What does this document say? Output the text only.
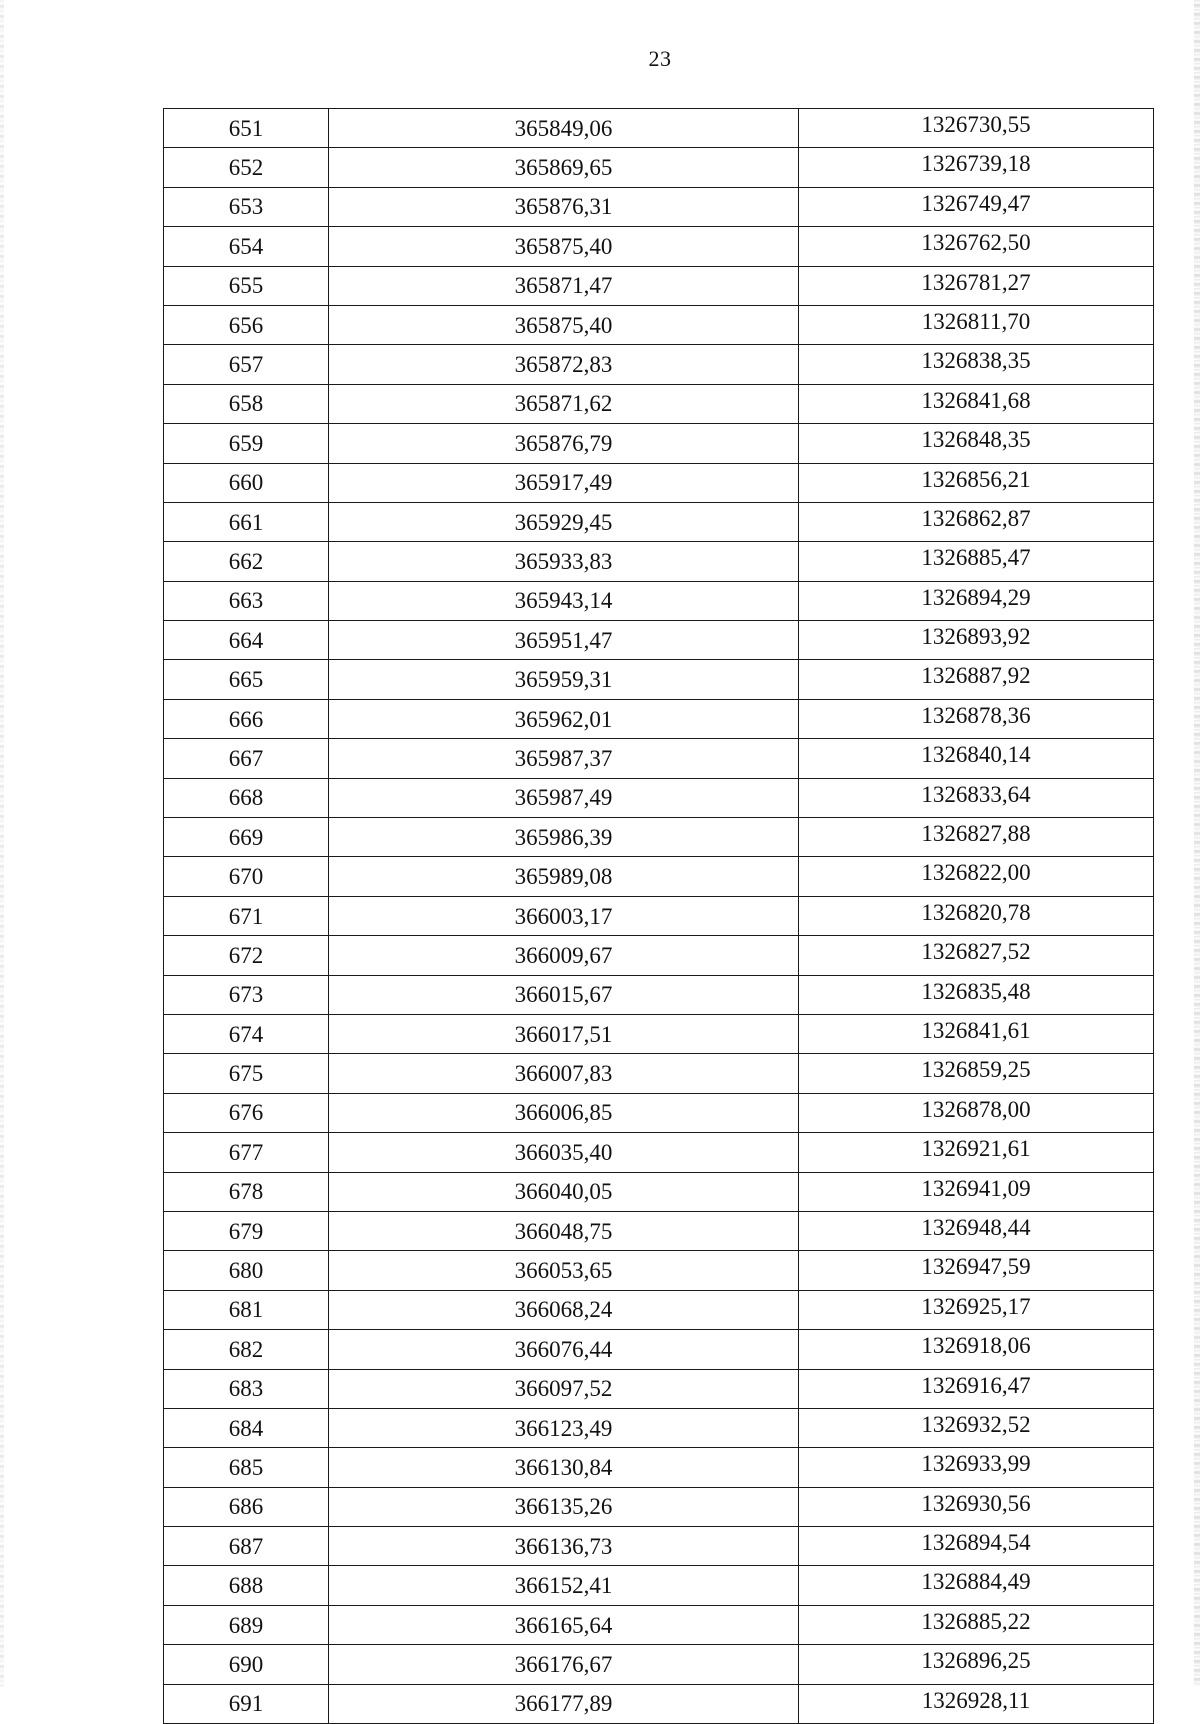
23
651	365849,06	1326730,55
652	365869,65	1326739,18
653	365876,31	1326749,47
654	365875,40	1326762,50
655	365871,47	1326781,27
656	365875,40	1326811,70
657	365872,83	1326838,35
658	365871,62	1326841,68
659	365876,79	1326848,35
660	365917,49	1326856,21
661	365929,45	1326862,87
662	365933,83	1326885,47
663	365943,14	1326894,29
664	365951,47	1326893,92
665	365959,31	1326887,92
666	365962,01	1326878,36
667	365987,37	1326840,14
668	365987,49	1326833,64
669	365986,39	1326827,88
670	365989,08	1326822,00
671	366003,17	1326820,78
672	366009,67	1326827,52
673	366015,67	1326835,48
674	366017,51	1326841,61
675	366007,83	1326859,25
676	366006,85	1326878,00
677	366035,40	1326921,61
678	366040,05	1326941,09
679	366048,75	1326948,44
680	366053,65	1326947,59
681	366068,24	1326925,17
682	366076,44	1326918,06
683	366097,52	1326916,47
684	366123,49	1326932,52
685	366130,84	1326933,99
686	366135,26	1326930,56
687	366136,73	1326894,54
688	366152,41	1326884,49
689	366165,64	1326885,22
690	366176,67	1326896,25
691	366177,89	1326928,11
